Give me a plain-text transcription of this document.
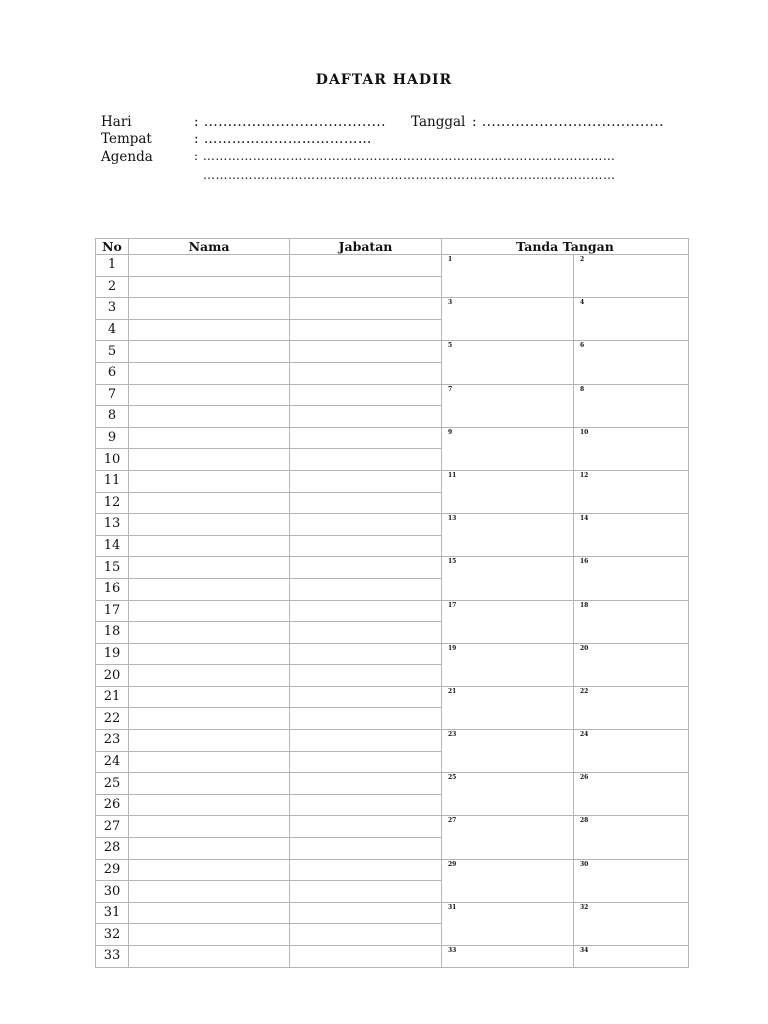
DAFTAR HADIR
Hari	: ...................................... Tanggal : ......................................
Tempat	: ………………………………
Agenda	: ………………………………………………………………………………………
………………………………………………………………………………………
No	Nama	Jabatan	Tanda Tangan	
1			1	2

2				
3			3	4

4				
5			5	6

6				
7			7	8

8				
9			9	10

10				
11			11	12

12				
13			13	14

14				
15			15	16

16				
17			17	18

18				
19			19	20

20				
21			21	22

22				
23			23	24

24				
25			25	26

26				
27			27	28

28				
29			29	30

30				
31			31	32

32				
33			33	34
